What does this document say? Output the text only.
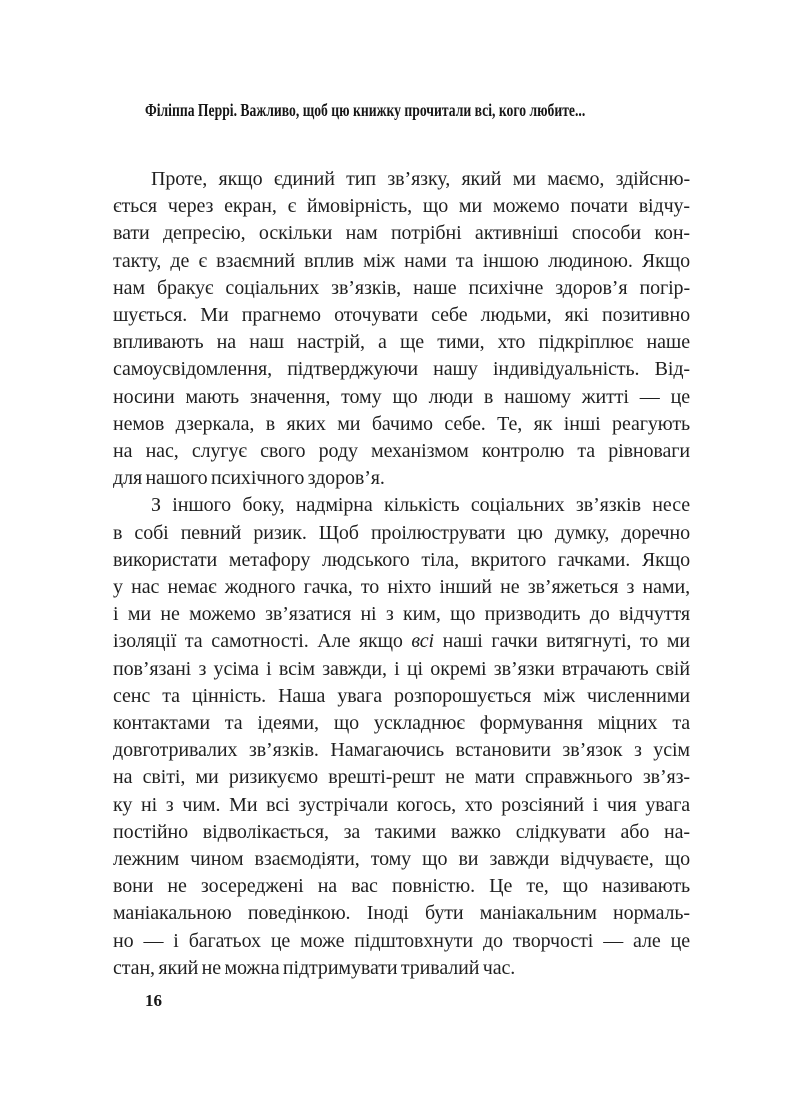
Філіппа Перрі. Важливо, щоб цю книжку прочитали всі, кого любите...
Проте, якщо єдиний тип зв’язку, який ми маємо, здійсню-
ється через екран, є ймовірність, що ми можемо почати відчу-
вати депресію, оскільки нам потрібні активніші способи кон-
такту, де є взаємний вплив між нами та іншою людиною. Якщо
нам бракує соціальних зв’язків, наше психічне здоров’я погір-
шується. Ми прагнемо оточувати себе людьми, які позитивно
впливають на наш настрій, а ще тими, хто підкріплює наше
самоусвідомлення, підтверджуючи нашу індивідуальність. Від-
носини мають значення, тому що люди в нашому житті — це
немов дзеркала, в яких ми бачимо себе. Те, як інші реагують
на нас, слугує свого роду механізмом контролю та рівноваги
для нашого психічного здоров’я.
З іншого боку, надмірна кількість соціальних зв’язків несе
в собі певний ризик. Щоб проілюструвати цю думку, доречно
використати метафору людського тіла, вкритого гачками. Якщо
у нас немає жодного гачка, то ніхто інший не зв’яжеться з нами,
і ми не можемо зв’язатися ні з ким, що призводить до відчуття
ізоляції та самотності. Але якщо всі наші гачки витягнуті, то ми
пов’язані з усіма і всім завжди, і ці окремі зв’язки втрачають свій
сенс та цінність. Наша увага розпорошується між численними
контактами та ідеями, що ускладнює формування міцних та
довготривалих зв’язків. Намагаючись встановити зв’язок з усім
на світі, ми ризикуємо врешті-решт не мати справжнього зв’яз-
ку ні з чим. Ми всі зустрічали когось, хто розсіяний і чия увага
постійно відволікається, за такими важко слідкувати або на-
лежним чином взаємодіяти, тому що ви завжди відчуваєте, що
вони не зосереджені на вас повністю. Це те, що називають
маніакальною поведінкою. Іноді бути маніакальним нормаль-
но — і багатьох це може підштовхнути до творчості — але це
стан, який не можна підтримувати тривалий час.
16
